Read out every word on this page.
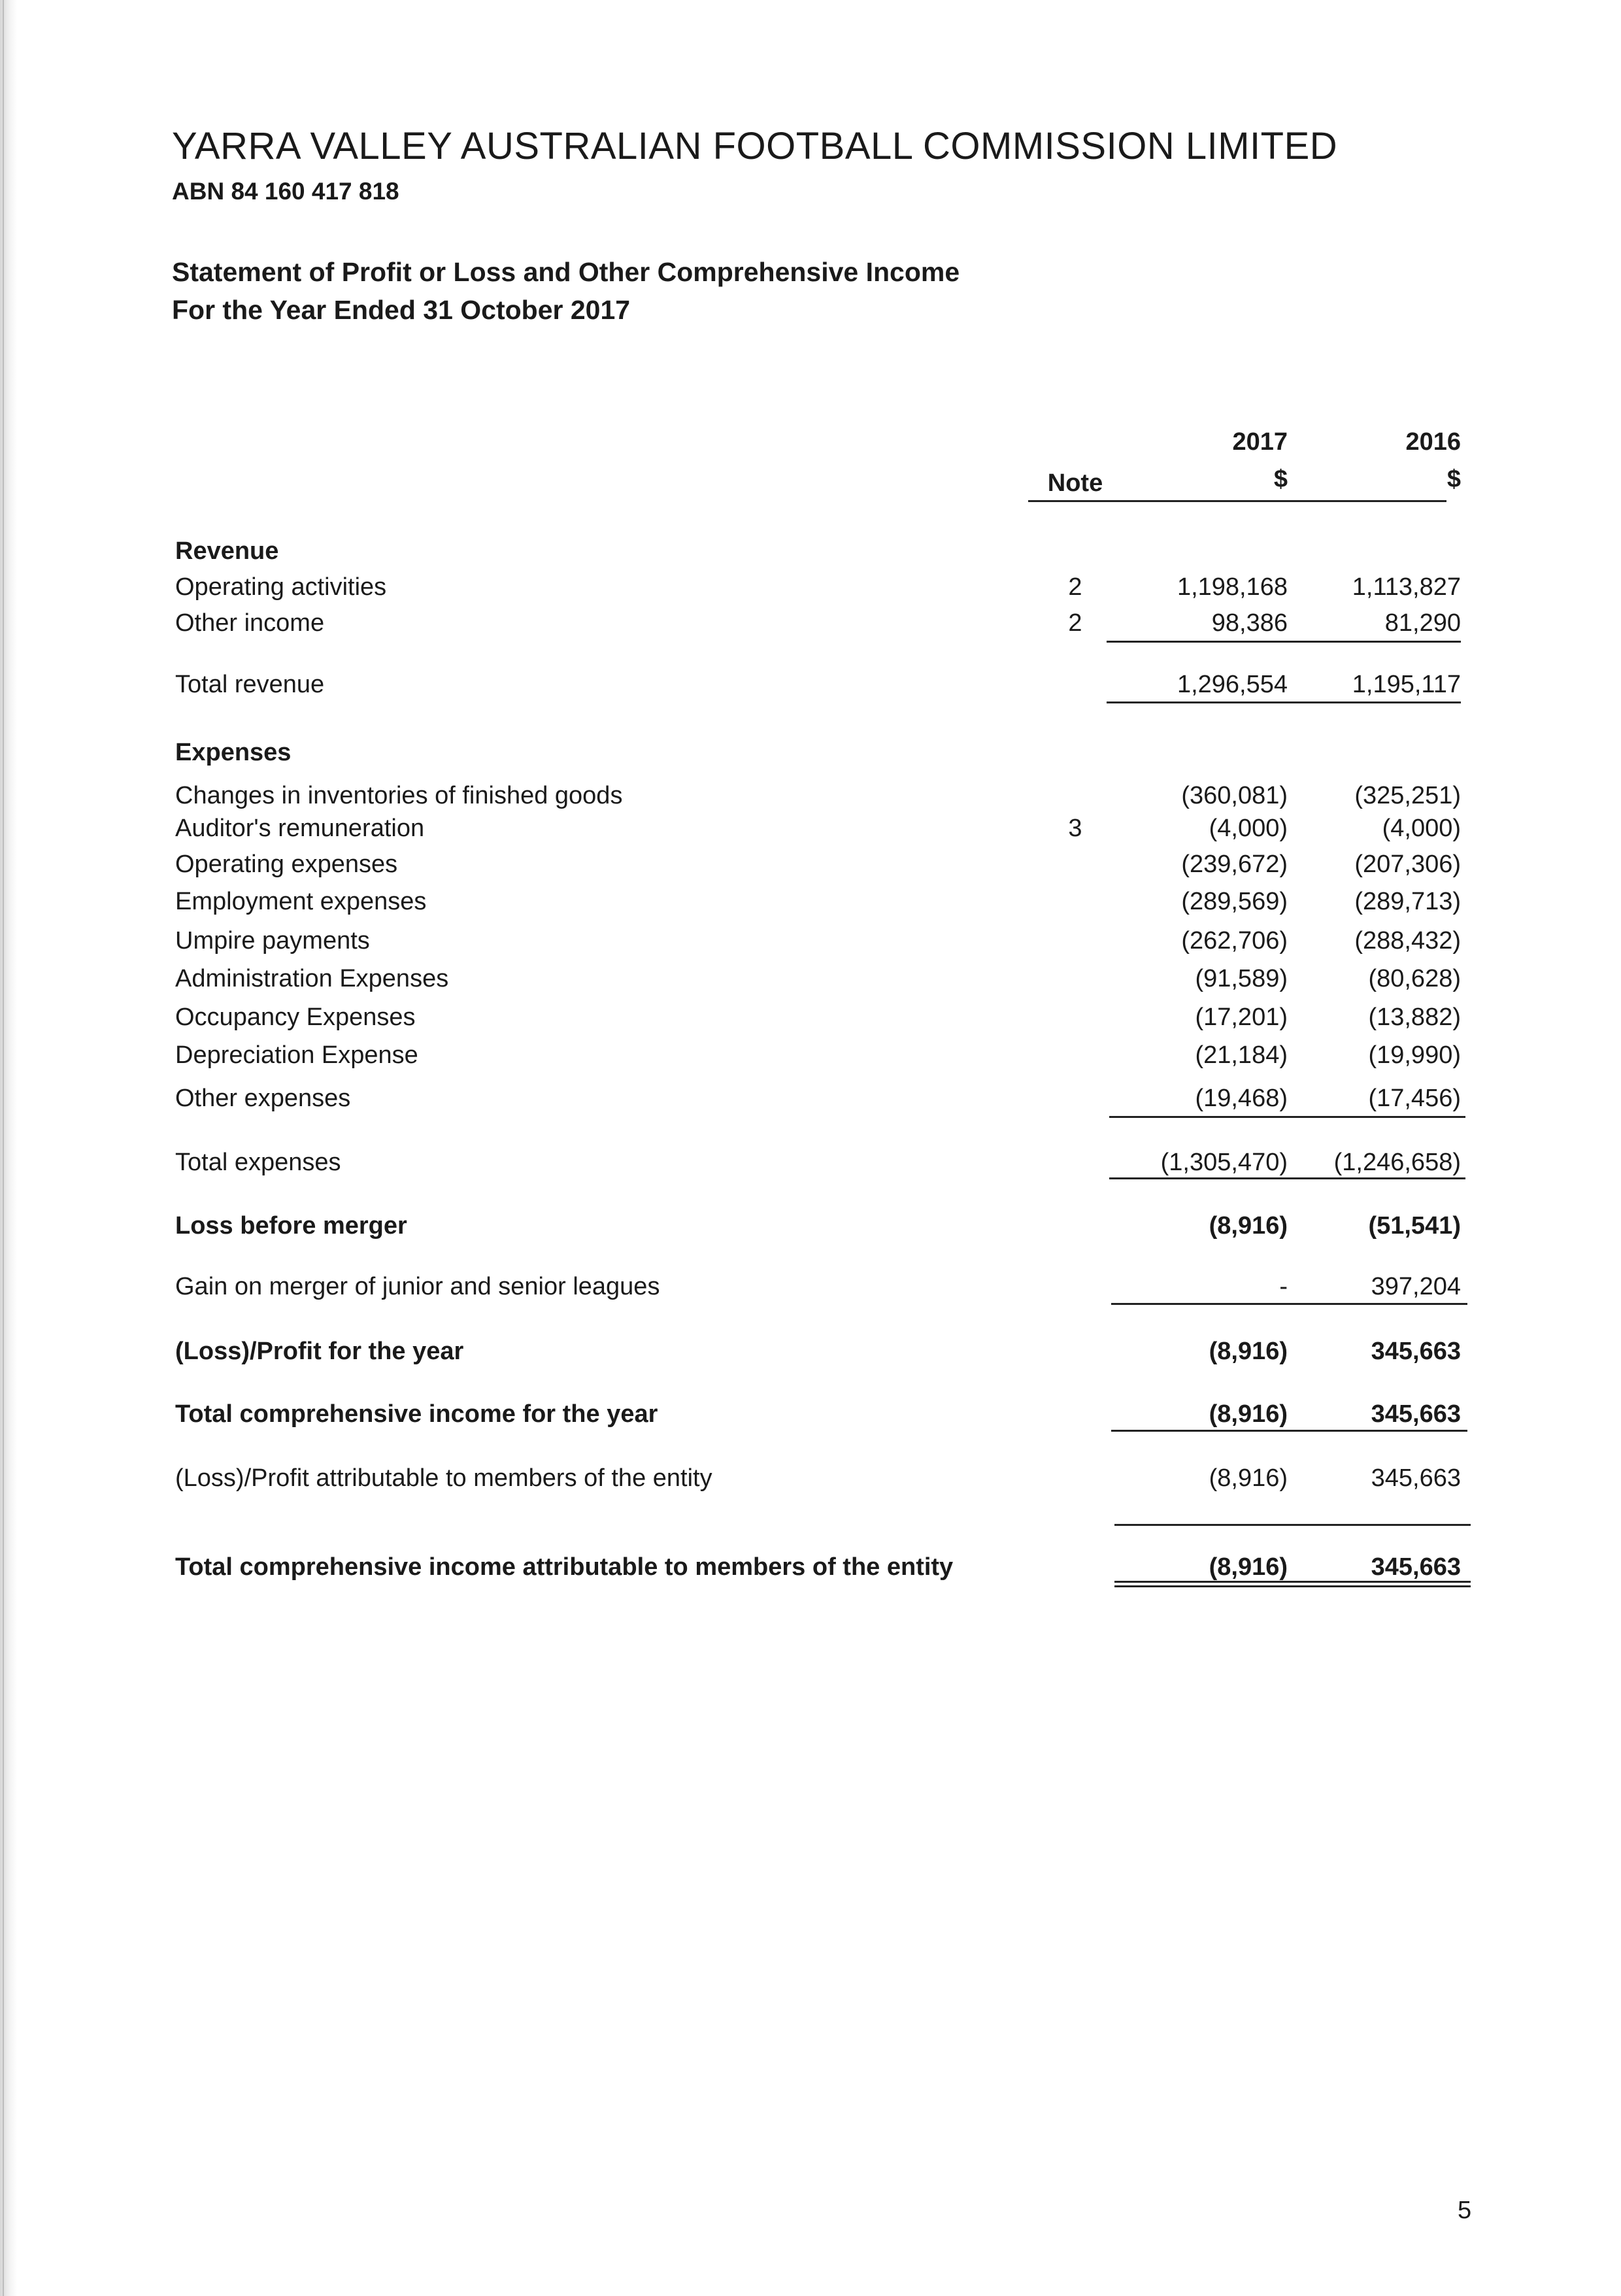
YARRA VALLEY AUSTRALIAN FOOTBALL COMMISSION LIMITED
ABN 84 160 417 818
Statement of Profit or Loss and Other Comprehensive Income
For the Year Ended 31 October 2017
2017	2016
Note	$	$
Revenue
Operating activities	2	1,198,168	1,113,827
Other income	2	98,386	81,290
Total revenue	1,296,554	1,195,117
Expenses
Changes in inventories of finished goods	(360,081)	(325,251)
Auditor's remuneration	3	(4,000)	(4,000)
Operating expenses	(239,672)	(207,306)
Employment expenses	(289,569)	(289,713)
Umpire payments	(262,706)	(288,432)
Administration Expenses	(91,589)	(80,628)
Occupancy Expenses	(17,201)	(13,882)
Depreciation Expense	(21,184)	(19,990)
Other expenses	(19,468)	(17,456)
Total expenses	(1,305,470)	(1,246,658)
Loss before merger	(8,916)	(51,541)
Gain on merger of junior and senior leagues	-	397,204
(Loss)/Profit for the year	(8,916)	345,663
Total comprehensive income for the year	(8,916)	345,663
(Loss)/Profit attributable to members of the entity	(8,916)	345,663
Total comprehensive income attributable to members of the entity	(8,916)	345,663
5
